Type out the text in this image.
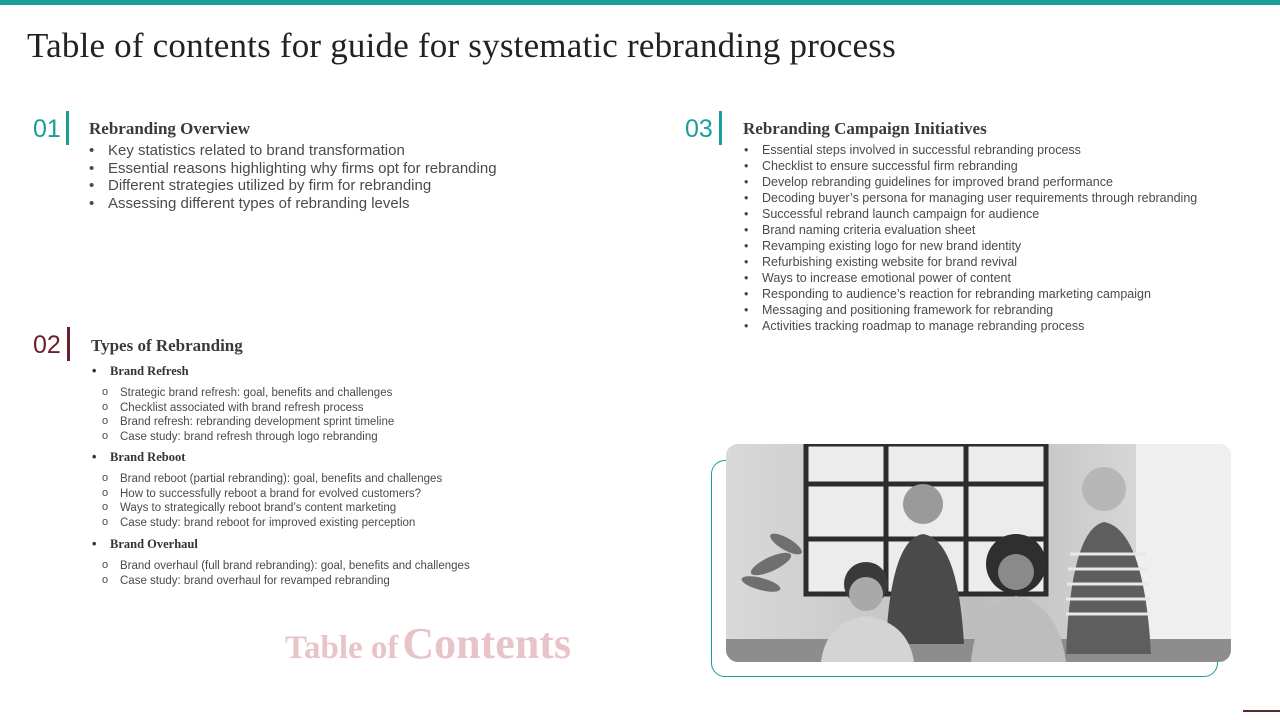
Table of contents for guide for systematic rebranding process
01 Rebranding Overview
• Key statistics related to brand transformation
• Essential reasons highlighting why firms opt for rebranding
• Different strategies utilized by firm for rebranding
• Assessing different types of rebranding levels
02 Types of Rebranding
• Brand Refresh
o Strategic brand refresh: goal, benefits and challenges
o Checklist associated with brand refresh process
o Brand refresh: rebranding development sprint timeline
o Case study: brand refresh through logo rebranding
• Brand Reboot
o Brand reboot (partial rebranding): goal, benefits and challenges
o How to successfully reboot a brand for evolved customers?
o Ways to strategically reboot brand’s content marketing
o Case study: brand reboot for improved existing perception
• Brand Overhaul
o Brand overhaul (full brand rebranding): goal, benefits and challenges
o Case study: brand overhaul for revamped rebranding
03 Rebranding Campaign Initiatives
• Essential steps involved in successful rebranding process
• Checklist to ensure successful firm rebranding
• Develop rebranding guidelines for improved brand performance
• Decoding buyer’s persona for managing user requirements through rebranding
• Successful rebrand launch campaign for audience
• Brand naming criteria evaluation sheet
• Revamping existing logo for new brand identity
• Refurbishing existing website for brand revival
• Ways to increase emotional power of content
• Responding to audience’s reaction for rebranding marketing campaign
• Messaging and positioning framework for rebranding
• Activities tracking roadmap to manage rebranding process
Table of Contents
